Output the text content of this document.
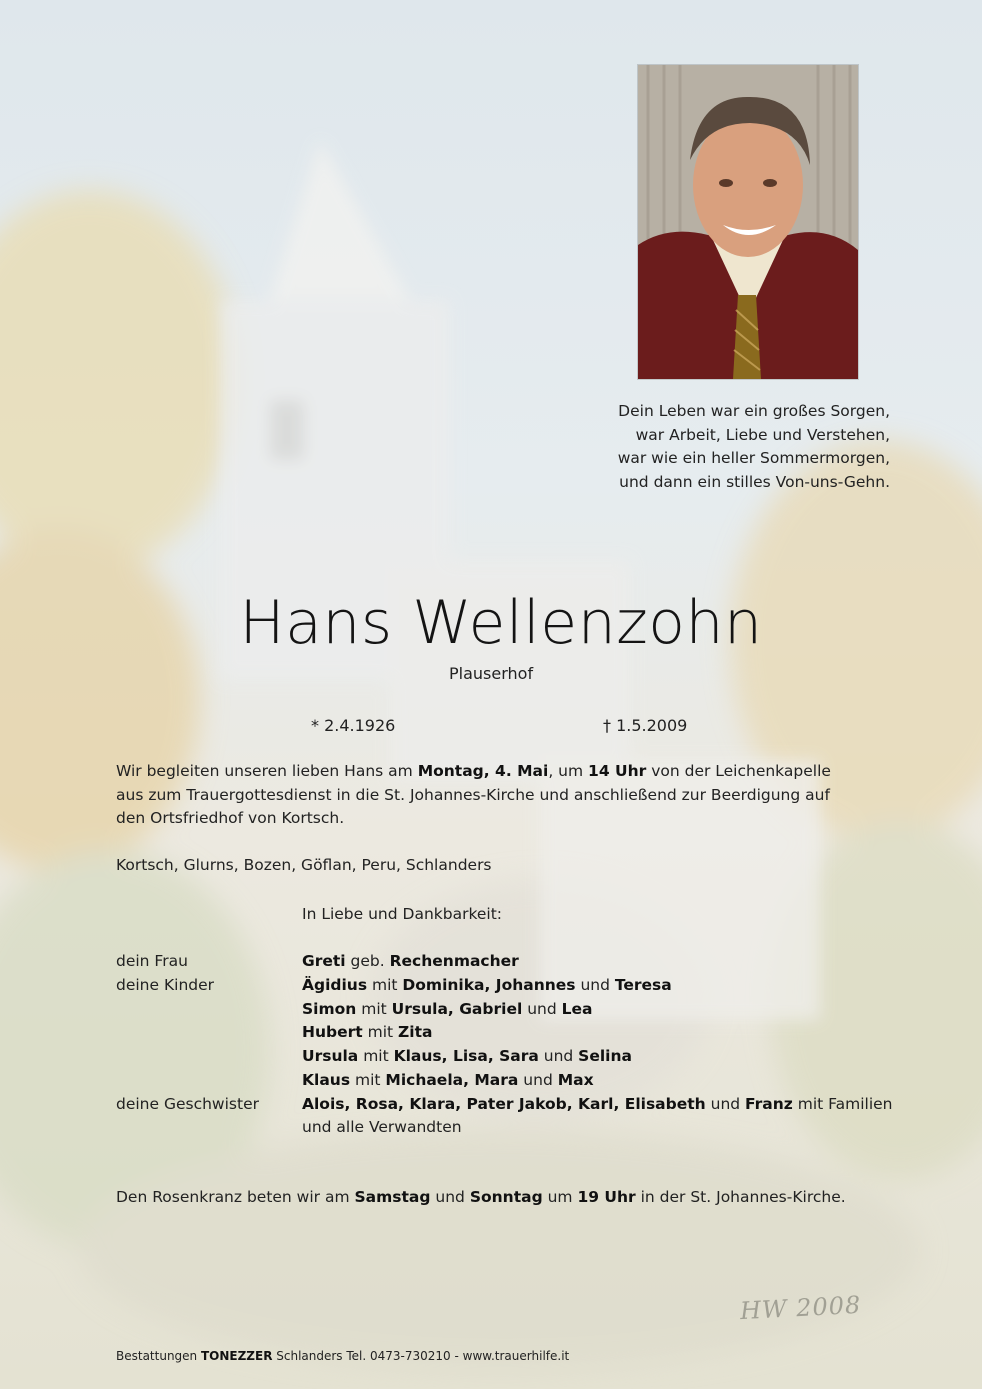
Dein Leben war ein großes Sorgen,
war Arbeit, Liebe und Verstehen,
war wie ein heller Sommermorgen,
und dann ein stilles Von-uns-Gehn.
Hans Wellenzohn
Plauserhof
* 2.4.1926	† 1.5.2009
Wir begleiten unseren lieben Hans am Montag, 4. Mai, um 14 Uhr von der Leichenkapelle
aus zum Trauergottesdienst in die St. Johannes-Kirche und anschließend zur Beerdigung auf
den Ortsfriedhof von Kortsch.
Kortsch, Glurns, Bozen, Göflan, Peru, Schlanders
In Liebe und Dankbarkeit:
dein Frau
deine Kinder
deine Geschwister
Greti geb. Rechenmacher
Ägidius mit Dominika, Johannes und Teresa
Simon mit Ursula, Gabriel und Lea
Hubert mit Zita
Ursula mit Klaus, Lisa, Sara und Selina
Klaus mit Michaela, Mara und Max
Alois, Rosa, Klara, Pater Jakob, Karl, Elisabeth und Franz mit Familien
und alle Verwandten
Den Rosenkranz beten wir am Samstag und Sonntag um 19 Uhr in der St. Johannes-Kirche.
HW 2008
Bestattungen TONEZZER Schlanders Tel. 0473-730210 - www.trauerhilfe.it
